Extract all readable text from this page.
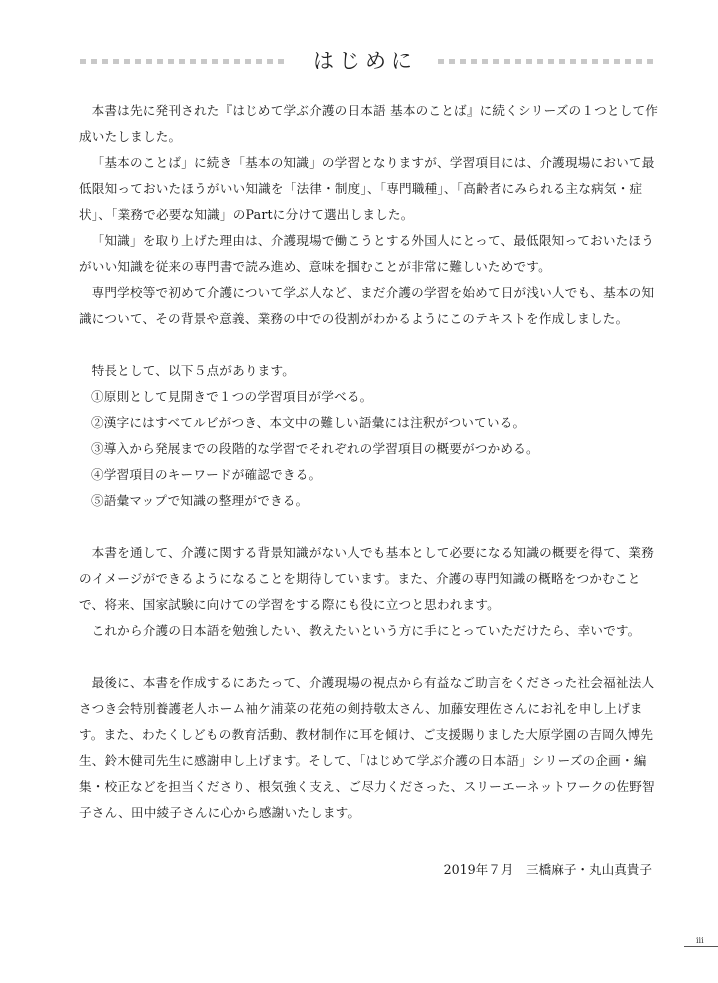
はじめに

本書は先に発刊された『はじめて学ぶ介護の日本語 基本のことば』に続くシリーズの１つとして作成いたしました。

「基本のことば」に続き「基本の知識」の学習となりますが、学習項目には、介護現場において最低限知っておいたほうがいい知識を「法律・制度」、「専門職種」、「高齢者にみられる主な病気・症状」、「業務で必要な知識」のPartに分けて選出しました。

「知識」を取り上げた理由は、介護現場で働こうとする外国人にとって、最低限知っておいたほうがいい知識を従来の専門書で読み進め、意味を掴むことが非常に難しいためです。

専門学校等で初めて介護について学ぶ人など、まだ介護の学習を始めて日が浅い人でも、基本の知識について、その背景や意義、業務の中での役割がわかるようにこのテキストを作成しました。

特長として、以下５点があります。

①原則として見開きで１つの学習項目が学べる。

②漢字にはすべてルビがつき、本文中の難しい語彙には注釈がついている。

③導入から発展までの段階的な学習でそれぞれの学習項目の概要がつかめる。

④学習項目のキーワードが確認できる。

⑤語彙マップで知識の整理ができる。

本書を通して、介護に関する背景知識がない人でも基本として必要になる知識の概要を得て、業務のイメージができるようになることを期待しています。また、介護の専門知識の概略をつかむことで、将来、国家試験に向けての学習をする際にも役に立つと思われます。

これから介護の日本語を勉強したい、教えたいという方に手にとっていただけたら、幸いです。

最後に、本書を作成するにあたって、介護現場の視点から有益なご助言をくださった社会福祉法人さつき会特別養護老人ホーム袖ケ浦菜の花苑の剣持敬太さん、加藤安理佐さんにお礼を申し上げます。また、わたくしどもの教育活動、教材制作に耳を傾け、ご支援賜りました大原学園の吉岡久博先生、鈴木健司先生に感謝申し上げます。そして、「はじめて学ぶ介護の日本語」シリーズの企画・編集・校正などを担当くださり、根気強く支え、ご尽力くださった、スリーエーネットワークの佐野智子さん、田中綾子さんに心から感謝いたします。

2019年７月　三橋麻子・丸山真貴子
iii
